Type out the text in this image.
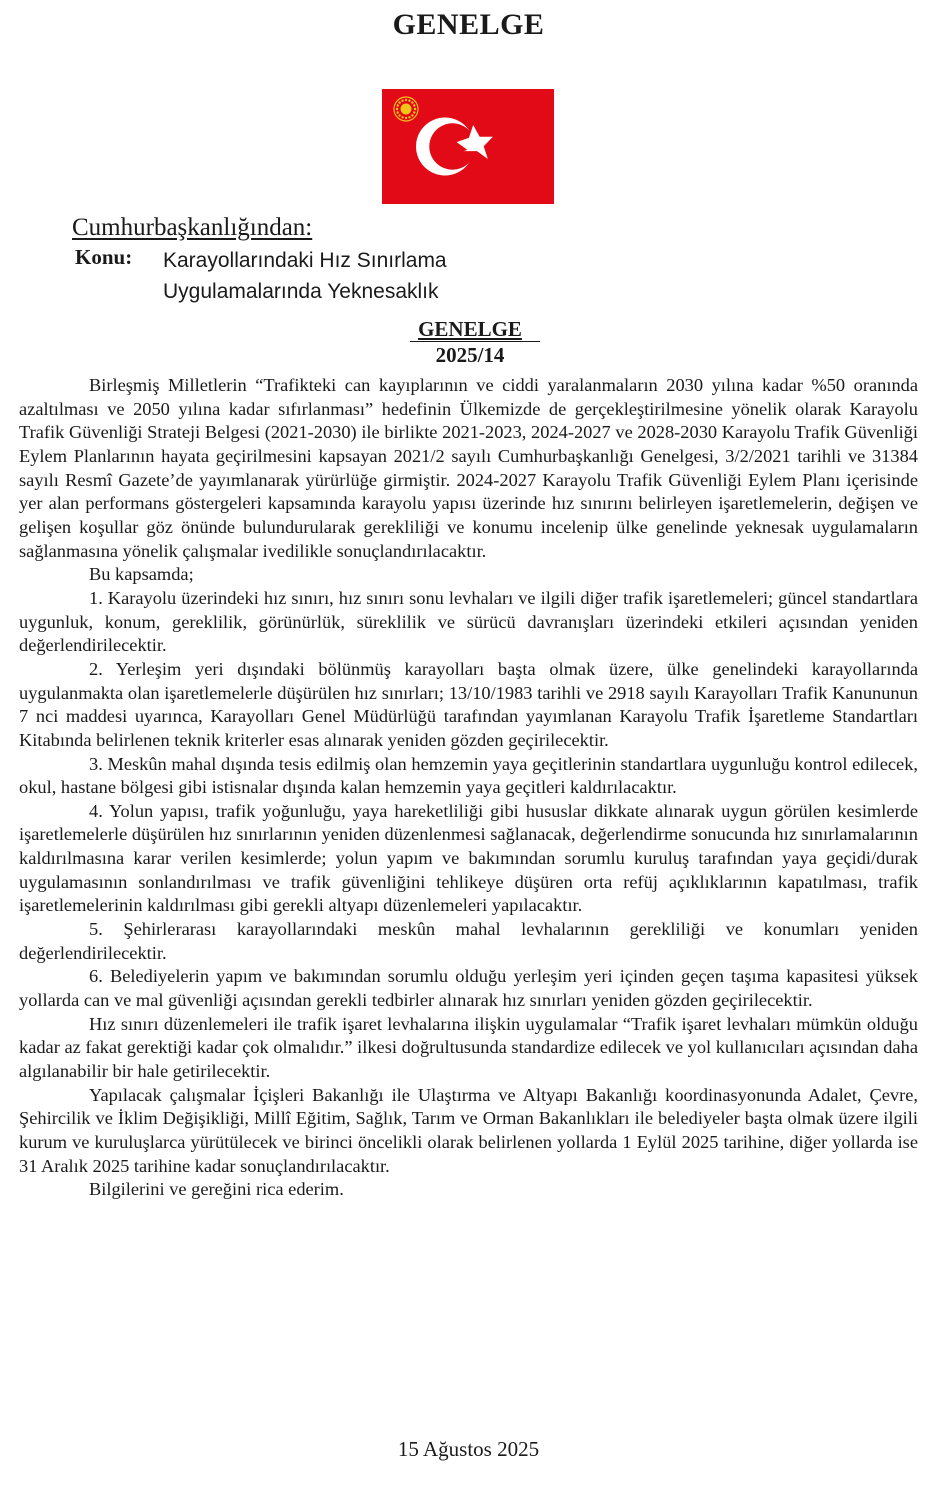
GENELGE
Cumhurbaşkanlığından:
Konu: Karayollarındaki Hız Sınırlama
Uygulamalarında Yeknesaklık
GENELGE
2025/14

Birleşmiş Milletlerin “Trafikteki can kayıplarının ve ciddi yaralanmaların 2030 yılına kadar %50 oranında azaltılması ve 2050 yılına kadar sıfırlanması” hedefinin Ülkemizde de gerçekleştirilmesine yönelik olarak Karayolu Trafik Güvenliği Strateji Belgesi (2021-2030) ile birlikte 2021-2023, 2024-2027 ve 2028-2030 Karayolu Trafik Güvenliği Eylem Planlarının hayata geçirilmesini kapsayan 2021/2 sayılı Cumhurbaşkanlığı Genelgesi, 3/2/2021 tarihli ve 31384 sayılı Resmî Gazete’de yayımlanarak yürürlüğe girmiştir. 2024-2027 Karayolu Trafik Güvenliği Eylem Planı içerisinde yer alan performans göstergeleri kapsamında karayolu yapısı üzerinde hız sınırını belirleyen işaretlemelerin, değişen ve gelişen koşullar göz önünde bulundurularak gerekliliği ve konumu incelenip ülke genelinde yeknesak uygulamaların sağlanmasına yönelik çalışmalar ivedilikle sonuçlandırılacaktır.

Bu kapsamda;

1. Karayolu üzerindeki hız sınırı, hız sınırı sonu levhaları ve ilgili diğer trafik işaretlemeleri; güncel standartlara uygunluk, konum, gereklilik, görünürlük, süreklilik ve sürücü davranışları üzerindeki etkileri açısından yeniden değerlendirilecektir.

2. Yerleşim yeri dışındaki bölünmüş karayolları başta olmak üzere, ülke genelindeki karayollarında uygulanmakta olan işaretlemelerle düşürülen hız sınırları; 13/10/1983 tarihli ve 2918 sayılı Karayolları Trafik Kanununun 7 nci maddesi uyarınca, Karayolları Genel Müdürlüğü tarafından yayımlanan Karayolu Trafik İşaretleme Standartları Kitabında belirlenen teknik kriterler esas alınarak yeniden gözden geçirilecektir.

3. Meskûn mahal dışında tesis edilmiş olan hemzemin yaya geçitlerinin standartlara uygunluğu kontrol edilecek, okul, hastane bölgesi gibi istisnalar dışında kalan hemzemin yaya geçitleri kaldırılacaktır.

4. Yolun yapısı, trafik yoğunluğu, yaya hareketliliği gibi hususlar dikkate alınarak uygun görülen kesimlerde işaretlemelerle düşürülen hız sınırlarının yeniden düzenlenmesi sağlanacak, değerlendirme sonucunda hız sınırlamalarının kaldırılmasına karar verilen kesimlerde; yolun yapım ve bakımından sorumlu kuruluş tarafından yaya geçidi/durak uygulamasının sonlandırılması ve trafik güvenliğini tehlikeye düşüren orta refüj açıklıklarının kapatılması, trafik işaretlemelerinin kaldırılması gibi gerekli altyapı düzenlemeleri yapılacaktır.

5. Şehirlerarası karayollarındaki meskûn mahal levhalarının gerekliliği ve konumları yeniden değerlendirilecektir.

6. Belediyelerin yapım ve bakımından sorumlu olduğu yerleşim yeri içinden geçen taşıma kapasitesi yüksek yollarda can ve mal güvenliği açısından gerekli tedbirler alınarak hız sınırları yeniden gözden geçirilecektir.

Hız sınırı düzenlemeleri ile trafik işaret levhalarına ilişkin uygulamalar “Trafik işaret levhaları mümkün olduğu kadar az fakat gerektiği kadar çok olmalıdır.” ilkesi doğrultusunda standardize edilecek ve yol kullanıcıları açısından daha algılanabilir bir hale getirilecektir.

Yapılacak çalışmalar İçişleri Bakanlığı ile Ulaştırma ve Altyapı Bakanlığı koordinasyonunda Adalet, Çevre, Şehircilik ve İklim Değişikliği, Millî Eğitim, Sağlık, Tarım ve Orman Bakanlıkları ile belediyeler başta olmak üzere ilgili kurum ve kuruluşlarca yürütülecek ve birinci öncelikli olarak belirlenen yollarda 1 Eylül 2025 tarihine, diğer yollarda ise 31 Aralık 2025 tarihine kadar sonuçlandırılacaktır.

Bilgilerini ve gereğini rica ederim.

15 Ağustos 2025
